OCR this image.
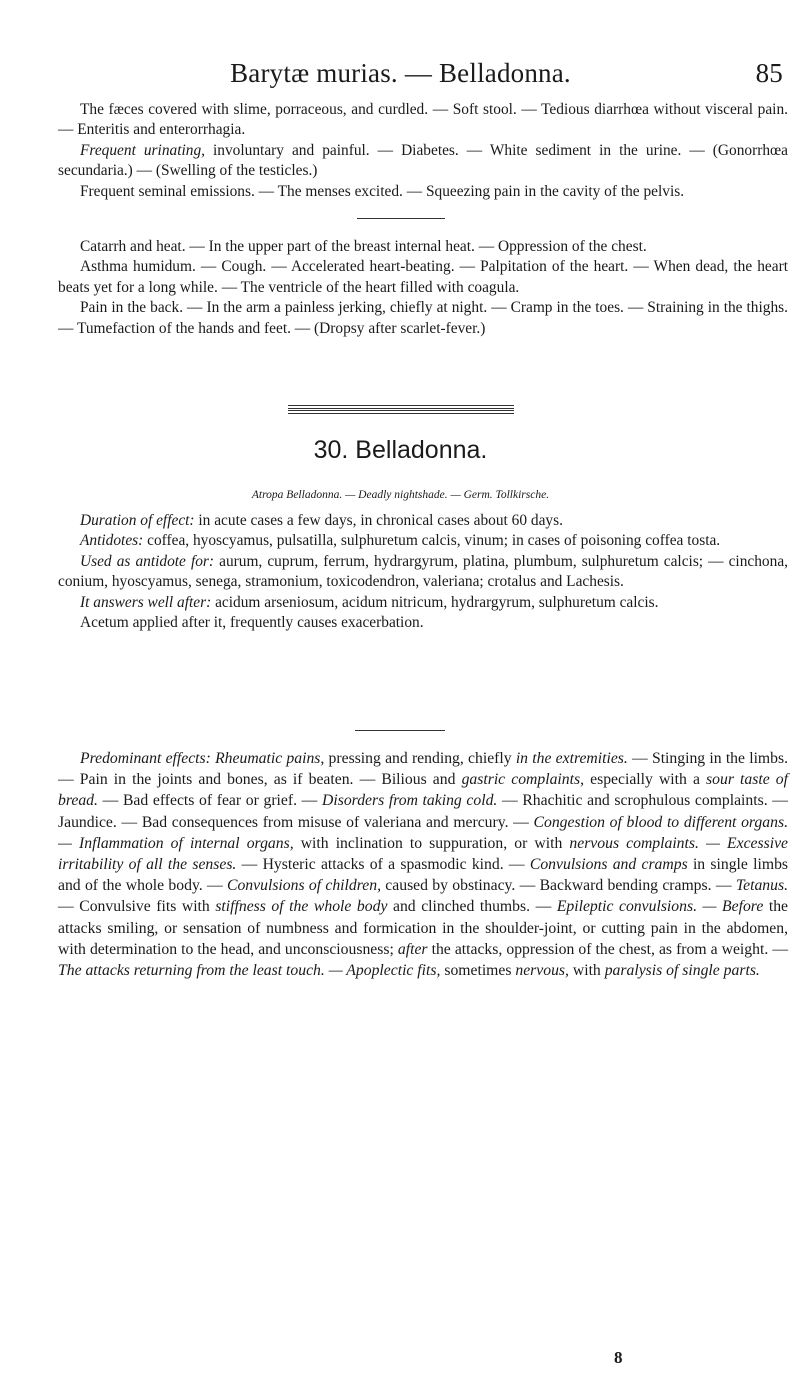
Barytæ murias. — Belladonna.	85

The fæces covered with slime, porraceous, and curdled. — Soft stool. — Tedious diarrhœa without visceral pain. — Enteritis and enterorrhagia.

Frequent urinating, involuntary and painful. — Diabetes. — White sediment in the urine. — (Gonorrhœa secundaria.) — (Swelling of the testicles.)

Frequent seminal emissions. — The menses excited. — Squeezing pain in the cavity of the pelvis.

Catarrh and heat. — In the upper part of the breast internal heat. — Oppression of the chest.

Asthma humidum. — Cough. — Accelerated heart-beating. — Palpitation of the heart. — When dead, the heart beats yet for a long while. — The ventricle of the heart filled with coagula.

Pain in the back. — In the arm a painless jerking, chiefly at night. — Cramp in the toes. — Straining in the thighs. — Tumefaction of the hands and feet. — (Dropsy after scarlet-fever.)

30. Belladonna.
Atropa Belladonna. — Deadly nightshade. — Germ. Tollkirsche.

Duration of effect: in acute cases a few days, in chronical cases about 60 days.

Antidotes: coffea, hyoscyamus, pulsatilla, sulphuretum calcis, vinum; in cases of poisoning coffea tosta.

Used as antidote for: aurum, cuprum, ferrum, hydrargyrum, platina, plumbum, sulphuretum calcis; — cinchona, conium, hyoscyamus, senega, stramonium, toxicodendron, valeriana; crotalus and Lachesis.

It answers well after: acidum arseniosum, acidum nitricum, hydrargyrum, sulphuretum calcis.

Acetum applied after it, frequently causes exacerbation.

Predominant effects: Rheumatic pains, pressing and rending, chiefly in the extremities. — Stinging in the limbs. — Pain in the joints and bones, as if beaten. — Bilious and gastric complaints, especially with a sour taste of bread. — Bad effects of fear or grief. — Disorders from taking cold. — Rhachitic and scrophulous complaints. — Jaundice. — Bad consequences from misuse of valeriana and mercury. — Congestion of blood to different organs. — Inflammation of internal organs, with inclination to suppuration, or with nervous complaints. — Excessive irritability of all the senses. — Hysteric attacks of a spasmodic kind. — Convulsions and cramps in single limbs and of the whole body. — Convulsions of children, caused by obstinacy. — Backward bending cramps. — Tetanus. — Convulsive fits with stiffness of the whole body and clinched thumbs. — Epileptic convulsions. — Before the attacks smiling, or sensation of numbness and formication in the shoulder-joint, or cutting pain in the abdomen, with determination to the head, and unconsciousness; after the attacks, oppression of the chest, as from a weight. — The attacks returning from the least touch. — Apoplectic fits, sometimes nervous, with paralysis of single parts.

8
